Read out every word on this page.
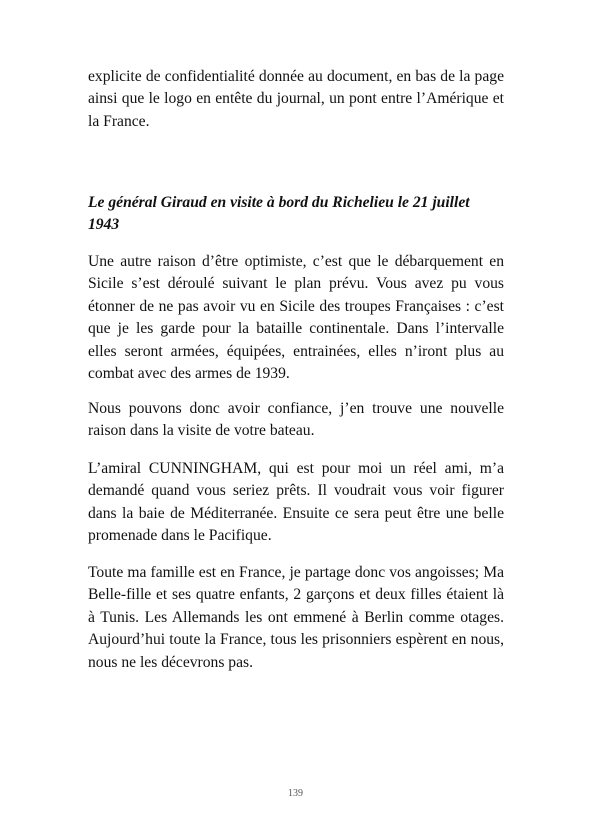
explicite de confidentialité donnée au document, en bas de la page ainsi que le logo en entête du journal, un pont entre l’Amérique et la France.

Le général Giraud en visite à bord du Richelieu le 21 juillet 1943

Une autre raison d’être optimiste, c’est que le débarquement en Sicile s’est déroulé suivant le plan prévu. Vous avez pu vous étonner de ne pas avoir vu en Sicile des troupes Françaises : c’est que je les garde pour la bataille continentale. Dans l’intervalle elles seront armées, équipées, entrainées, elles n’iront plus au combat avec des armes de 1939.

Nous pouvons donc avoir confiance, j’en trouve une nouvelle raison dans la visite de votre bateau.

L’amiral CUNNINGHAM, qui est pour moi un réel ami, m’a demandé quand vous seriez prêts. Il voudrait vous voir figurer dans la baie de Méditerranée. Ensuite ce sera peut être une belle promenade dans le Pacifique.

Toute ma famille est en France, je partage donc vos angoisses; Ma Belle-fille et ses quatre enfants, 2 garçons et deux filles étaient là à Tunis. Les Allemands les ont emmené à Berlin comme otages. Aujourd’hui toute la France, tous les prisonniers espèrent en nous, nous ne les décevrons pas.

139
